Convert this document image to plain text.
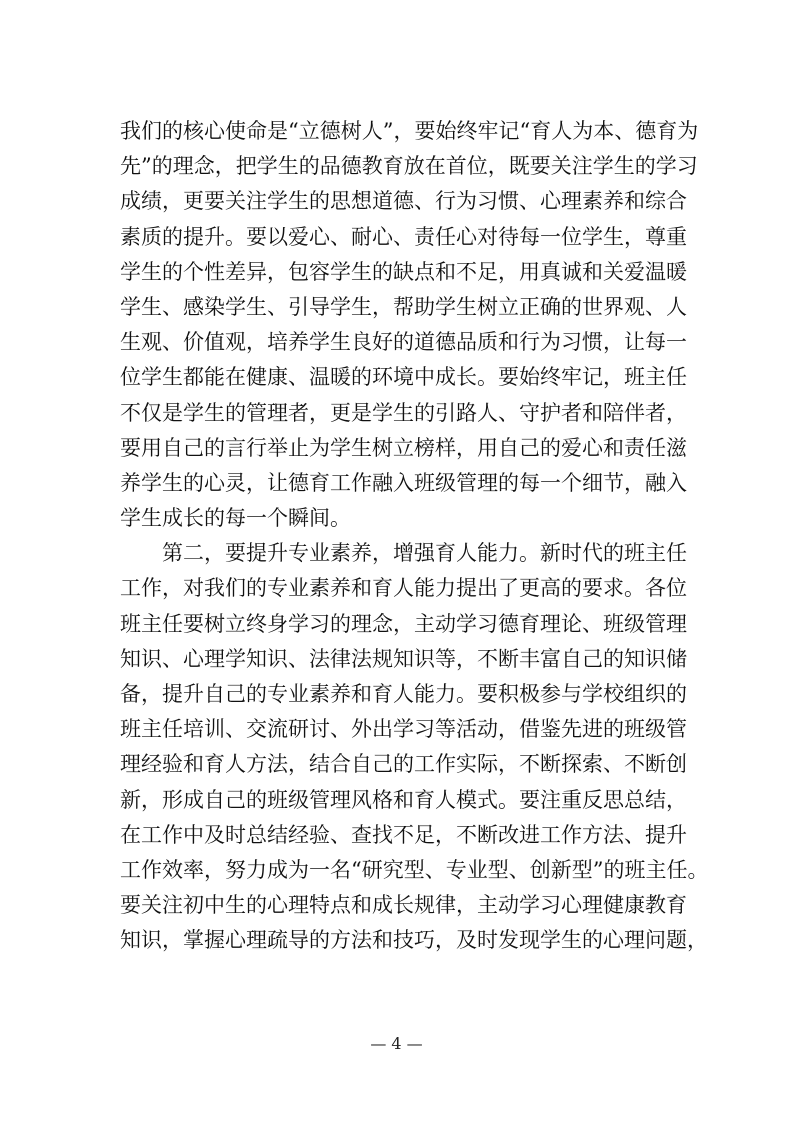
我们的核心使命是“立德树人”，要始终牢记“育人为本、德育为
先”的理念，把学生的品德教育放在首位，既要关注学生的学习
成绩，更要关注学生的思想道德、行为习惯、心理素养和综合
素质的提升。要以爱心、耐心、责任心对待每一位学生，尊重
学生的个性差异，包容学生的缺点和不足，用真诚和关爱温暖
学生、感染学生、引导学生，帮助学生树立正确的世界观、人
生观、价值观，培养学生良好的道德品质和行为习惯，让每一
位学生都能在健康、温暖的环境中成长。要始终牢记，班主任
不仅是学生的管理者，更是学生的引路人、守护者和陪伴者，
要用自己的言行举止为学生树立榜样，用自己的爱心和责任滋
养学生的心灵，让德育工作融入班级管理的每一个细节，融入
学生成长的每一个瞬间。
　　第二，要提升专业素养，增强育人能力。新时代的班主任
工作，对我们的专业素养和育人能力提出了更高的要求。各位
班主任要树立终身学习的理念，主动学习德育理论、班级管理
知识、心理学知识、法律法规知识等，不断丰富自己的知识储
备，提升自己的专业素养和育人能力。要积极参与学校组织的
班主任培训、交流研讨、外出学习等活动，借鉴先进的班级管
理经验和育人方法，结合自己的工作实际，不断探索、不断创
新，形成自己的班级管理风格和育人模式。要注重反思总结，
在工作中及时总结经验、查找不足，不断改进工作方法、提升
工作效率，努力成为一名“研究型、专业型、创新型”的班主任。
要关注初中生的心理特点和成长规律，主动学习心理健康教育
知识，掌握心理疏导的方法和技巧，及时发现学生的心理问题，
— 4 —
